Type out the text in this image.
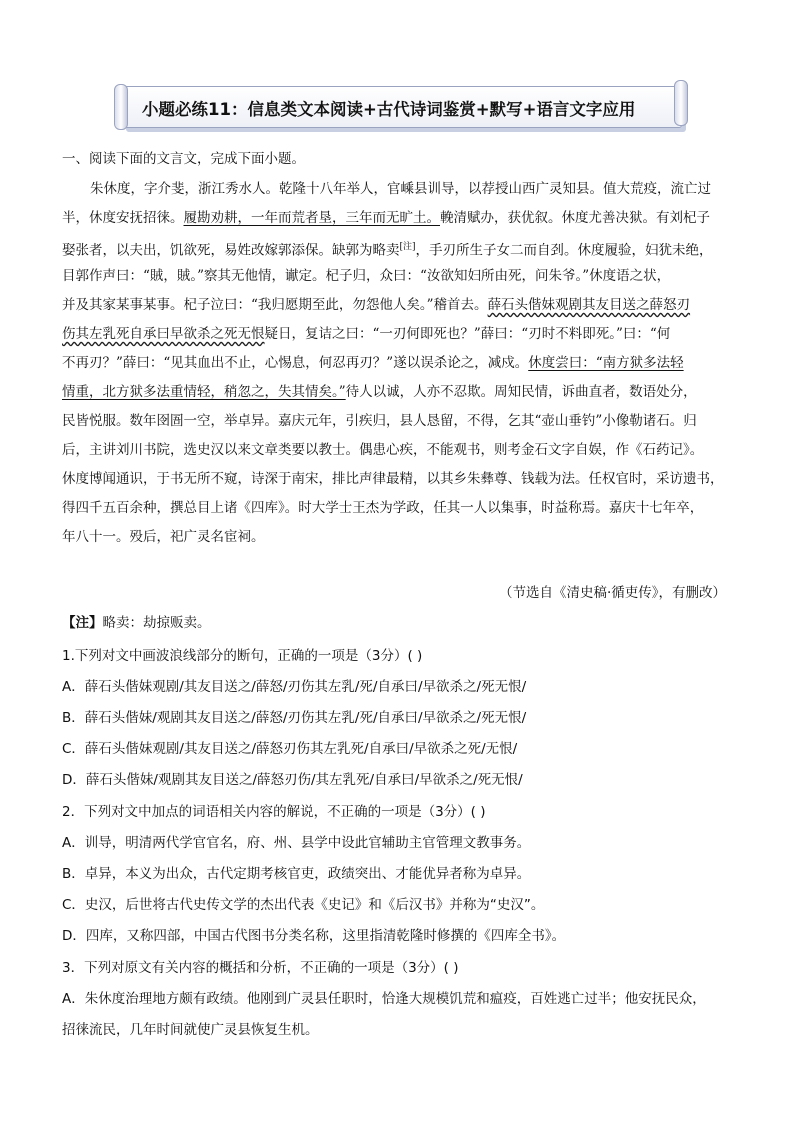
小题必练11：信息类文本阅读+古代诗词鉴赏+默写+语言文字应用
一、阅读下面的文言文，完成下面小题。
朱休度，字介斐，浙江秀水人。乾隆十八年举人，官嵊县训导，以荐授山西广灵知县。值大荒疫，流亡过
半，休度安抚招徕。履勘劝耕，一年而荒者垦，三年而无旷土。輓清赋办，获优叙。休度尤善决狱。有刘杞子
娶张者，以夫出，饥欲死，易姓改嫁郭添保。缺郭为略卖[注]，手刃所生子女二而自刭。休度履验，妇犹未绝，
目郭作声曰：“賊，賊。”察其无他情，谳定。杞子归，众曰：“汝欲知妇所由死，问朱爷。”休度语之状，
并及其家某事某事。杞子泣曰：“我归愿期至此，勿怨他人矣。”稽首去。薛石头偕妹观剧其友目送之薛怒刃
伤其左乳死自承曰早欲杀之死无恨疑日，复诘之曰：“一刃何即死也？”薛曰：“刃时不料即死。”曰：“何
不再刃？”薛曰：“见其血出不止，心惕息，何忍再刃？”遂以误杀论之，减戍。休度尝曰：“南方狱多法轻
情重，北方狱多法重情轻，稍忽之，失其情矣。”待人以诚，人亦不忍欺。周知民情，诉曲直者，数语处分，
民皆悦服。数年囹圄一空，举卓异。嘉庆元年，引疾归，县人恳留，不得，乞其“壶山垂钓”小像勒诸石。归
后，主讲刘川书院，选史汉以来文章类要以教士。偶患心疾，不能观书，则考金石文字自娱，作《石药记》。
休度博闻通识，于书无所不窥，诗深于南宋，排比声律最精，以其乡朱彝尊、钱载为法。任权官时，采访遗书，
得四千五百余种，撰总目上诸《四库》。时大学士王杰为学政，任其一人以集事，时益称焉。嘉庆十七年卒，
年八十一。殁后，祀广灵名宦祠。
（节选自《清史稿·循吏传》，有删改）
【注】略卖：劫掠贩卖。
1.下列对文中画波浪线部分的断句，正确的一项是（3分）( )
A．薛石头偕妹观剧/其友目送之/薛怒/刃伤其左乳/死/自承曰/早欲杀之/死无恨/
B．薛石头偕妹/观剧其友目送之/薛怒/刃伤其左乳/死/自承曰/早欲杀之/死无恨/
C．薛石头偕妹观剧/其友目送之/薛怒刃伤其左乳死/自承曰/早欲杀之死/无恨/
D．薛石头偕妹/观剧其友目送之/薛怒刃伤/其左乳死/自承曰/早欲杀之/死无恨/
2．下列对文中加点的词语相关内容的解说，不正确的一项是（3分）( )
A．训导，明清两代学官官名，府、州、县学中设此官辅助主官管理文教事务。
B．卓异，本义为出众，古代定期考核官吏，政绩突出、才能优异者称为卓异。
C．史汉，后世将古代史传文学的杰出代表《史记》和《后汉书》并称为“史汉”。
D．四库，又称四部，中国古代图书分类名称，这里指清乾隆时修撰的《四库全书》。
3．下列对原文有关内容的概括和分析，不正确的一项是（3分）( )
A．朱休度治理地方颇有政绩。他刚到广灵县任职时，恰逢大规模饥荒和瘟疫，百姓逃亡过半；他安抚民众，
招徕流民，几年时间就使广灵县恢复生机。
